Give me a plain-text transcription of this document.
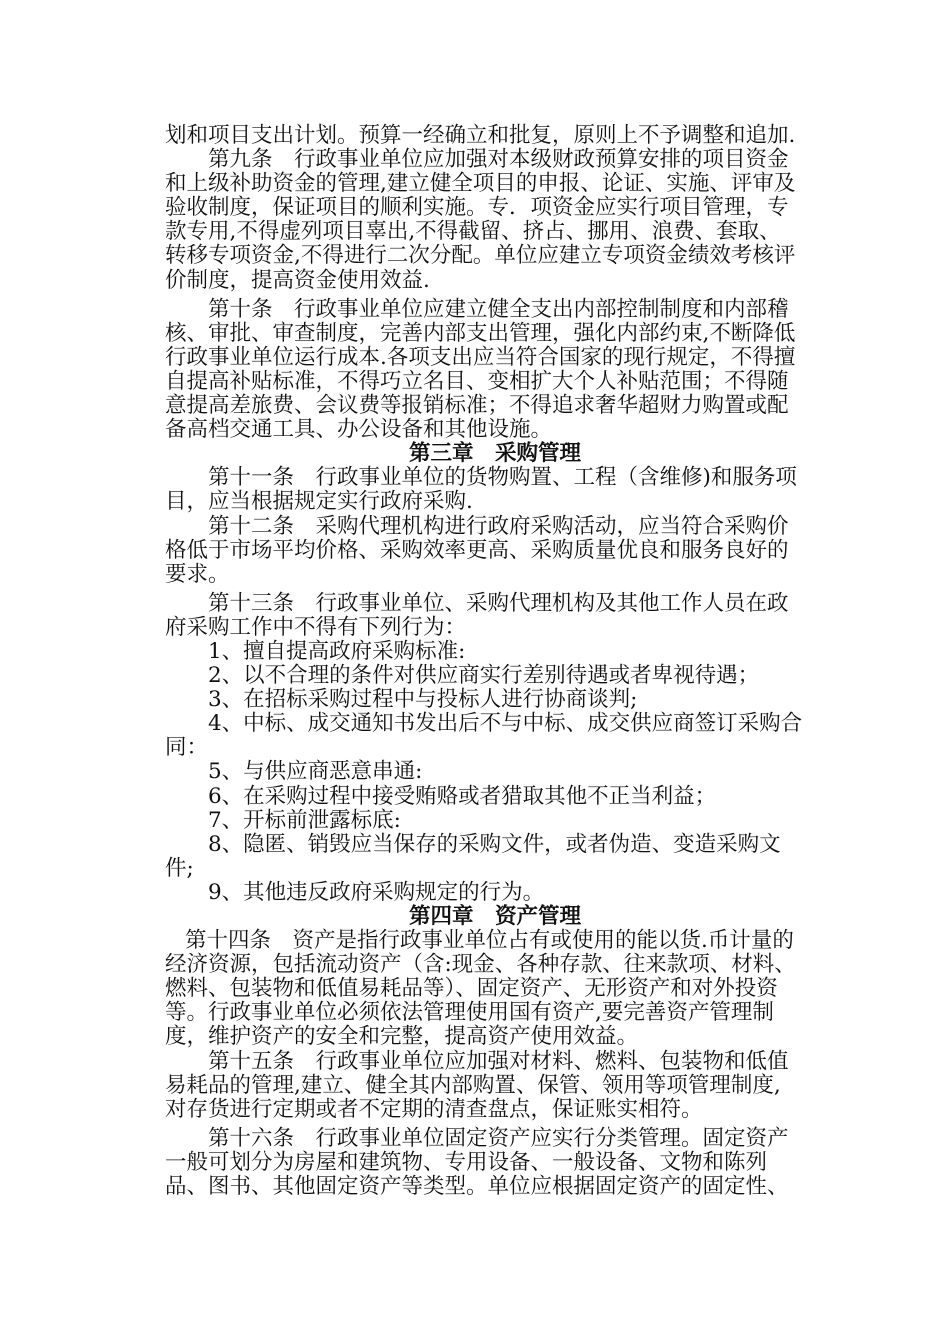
划和项目支出计划。预算一经确立和批复，原则上不予调整和追加.
第九条　行政事业单位应加强对本级财政预算安排的项目资金
和上级补助资金的管理,建立健全项目的申报、论证、实施、评审及
验收制度，保证项目的顺利实施。专．项资金应实行项目管理，专
款专用,不得虚列项目辜出,不得截留、挤占、挪用、浪费、套取、
转移专项资金,不得进行二次分配。单位应建立专项资金绩效考核评
价制度，提高资金使用效益.
第十条　行政事业单位应建立健全支出内部控制制度和内部稽
核、审批、审查制度，完善内部支出管理，强化内部约束,不断降低
行政事业单位运行成本.各项支出应当符合国家的现行规定，不得擅
自提高补贴标准，不得巧立名目、变相扩大个人补贴范围；不得随
意提高差旅费、会议费等报销标准；不得追求奢华超财力购置或配
备高档交通工具、办公设备和其他设施。
第三章　采购管理
第十一条　行政事业单位的货物购置、工程（含维修)和服务项
目，应当根据规定实行政府采购.
第十二条　采购代理机构进行政府采购活动，应当符合采购价
格低于市场平均价格、采购效率更高、采购质量优良和服务良好的
要求。
第十三条　行政事业单位、采购代理机构及其他工作人员在政
府采购工作中不得有下列行为：
1、擅自提高政府采购标准:
2、以不合理的条件对供应商实行差别待遇或者卑视待遇；
3、在招标采购过程中与投标人进行协商谈判;
4、中标、成交通知书发出后不与中标、成交供应商签订采购合
同：
5、与供应商恶意串通:
6、在采购过程中接受贿赂或者猎取其他不正当利益；
7、开标前泄露标底:
8、隐匿、销毁应当保存的采购文件，或者伪造、变造采购文
件;
9、其他违反政府采购规定的行为。
第四章　资产管理
第十四条　资产是指行政事业单位占有或使用的能以货.币计量的
经济资源，包括流动资产（含:现金、各种存款、往来款项、材料、
燃料、包装物和低值易耗品等）、固定资产、无形资产和对外投资
等。行政事业单位必须依法管理使用国有资产,要完善资产管理制
度，维护资产的安全和完整，提高资产使用效益。
第十五条　行政事业单位应加强对材料、燃料、包装物和低值
易耗品的管理,建立、健全其内部购置、保管、领用等项管理制度,
对存货进行定期或者不定期的清查盘点，保证账实相符。
第十六条　行政事业单位固定资产应实行分类管理。固定资产
一般可划分为房屋和建筑物、专用设备、一般设备、文物和陈列
品、图书、其他固定资产等类型。单位应根据固定资产的固定性、
